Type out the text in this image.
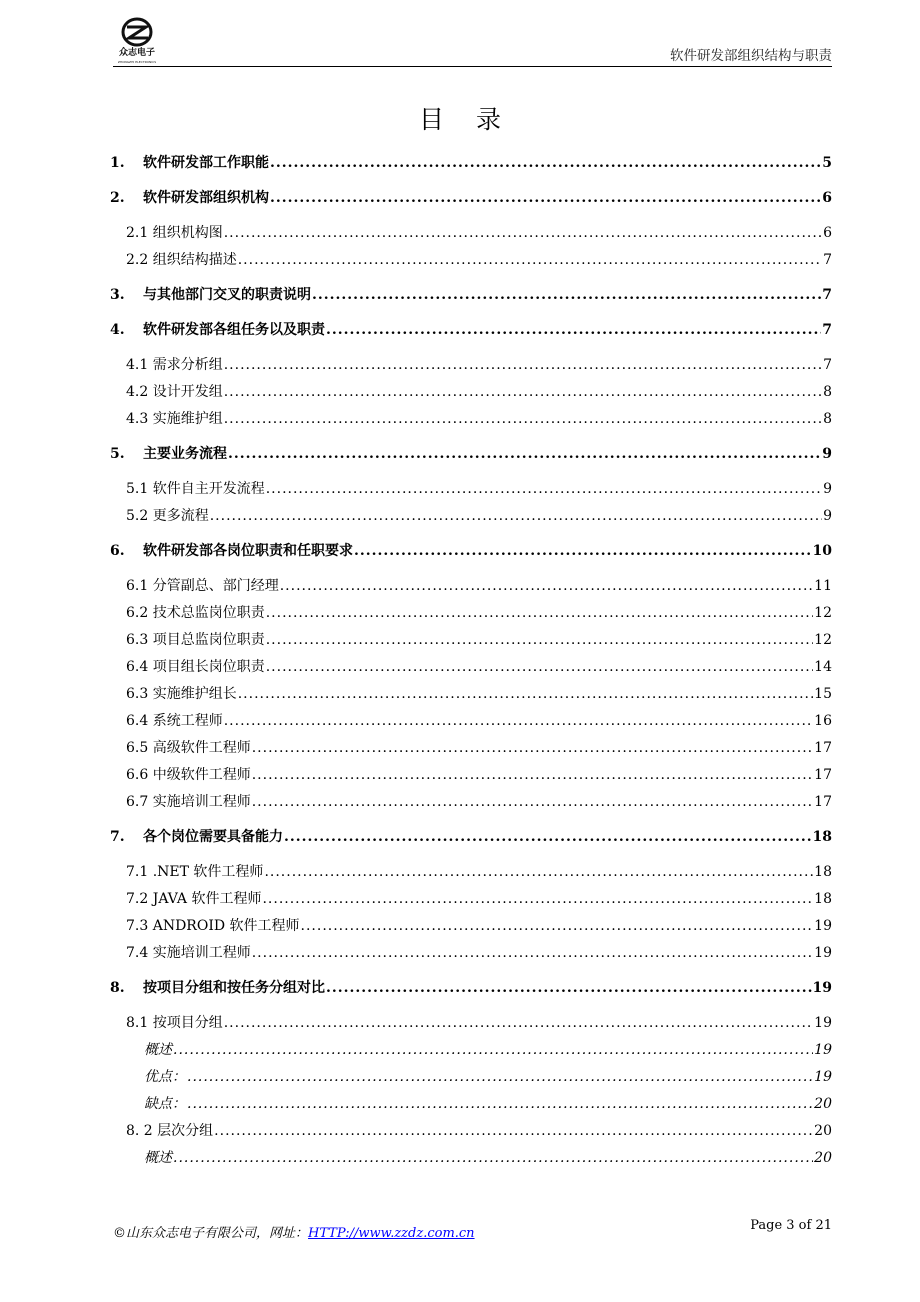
众志电子
ZHONGZHI ELECTRONICS	软件研发部组织结构与职责
目 录
1.	软件研发部工作职能 .....	5
2.	软件研发部组织机构 .....	6
2.1 组织机构图 .....	6
2.2 组织结构描述 .....	7
3.	与其他部门交叉的职责说明 .....	7
4.	软件研发部各组任务以及职责 .....	7
4.1 需求分析组 .....	7
4.2 设计开发组 .....	8
4.3 实施维护组 .....	8
5.	主要业务流程 .....	9
5.1 软件自主开发流程 .....	9
5.2 更多流程 .....	9
6.	软件研发部各岗位职责和任职要求 .....	10
6.1 分管副总、部门经理 .....	11
6.2 技术总监岗位职责 .....	12
6.3 项目总监岗位职责 .....	12
6.4 项目组长岗位职责 .....	14
6.3 实施维护组长 .....	15
6.4 系统工程师 .....	16
6.5 高级软件工程师 .....	17
6.6 中级软件工程师 .....	17
6.7 实施培训工程师 .....	17
7.	各个岗位需要具备能力 .....	18
7.1 .NET 软件工程师 .....	18
7.2 JAVA 软件工程师 .....	18
7.3 ANDROID 软件工程师 .....	19
7.4 实施培训工程师 .....	19
8.	按项目分组和按任务分组对比 .....	19
8.1 按项目分组 .....	19
概述 .....	19
优点： .....	19
缺点： .....	20
8. 2 层次分组 .....	20
概述 .....	20
©山东众志电子有限公司，网址：HTTP://www.zzdz.com.cn
Page 3 of 21
